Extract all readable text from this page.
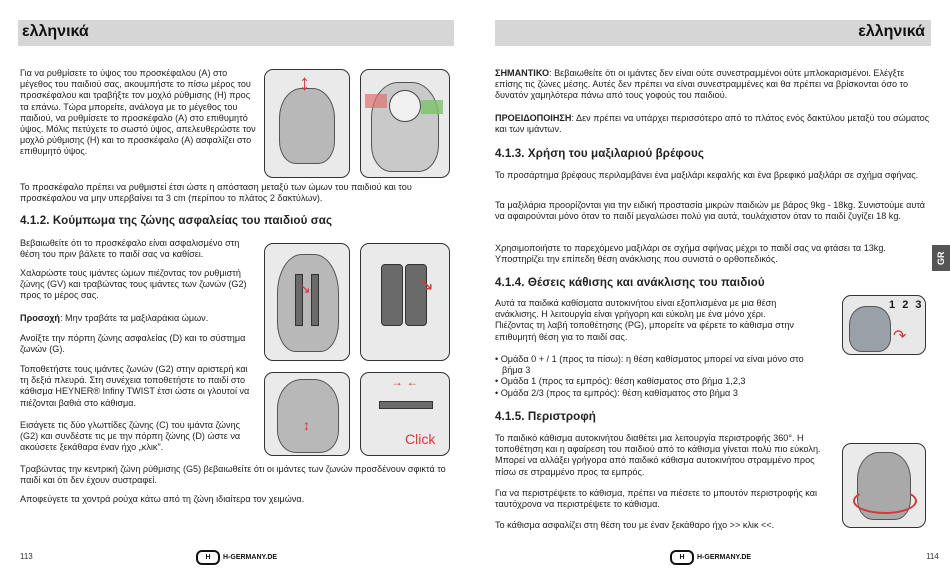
ελληνικά

Για να ρυθμίσετε το ύψος του προσκέφαλου (A) στο μέγεθος του παιδιού σας, ακουμπήστε το πίσω μέρος του προσκέφαλου και τραβήξτε τον μοχλό ρύθμισης (H) προς τα επάνω. Τώρα μπορείτε, ανάλογα με το μέγεθος του παιδιού, να ρυθμίσετε το προσκέφαλο (A) στο επιθυμητό ύψος. Μόλις πετύχετε το σωστό ύψος, απελευθερώστε τον μοχλό ρύθμισης (H) και το προσκέφαλο (A) ασφαλίζει στο επιθυμητό ύψος.

↕

Το προσκέφαλο πρέπει να ρυθμιστεί έτσι ώστε η απόσταση μεταξύ των ώμων του παιδιού και του προσκέφαλου να μην υπερβαίνει τα 3 cm (περίπου το πλάτος 2 δακτύλων).

4.1.2. Κούμπωμα της ζώνης ασφαλείας του παιδιού σας

Βεβαιωθείτε ότι το προσκέφαλο είναι ασφαλισμένο στη θέση του πριν βάλετε το παιδί σας να καθίσει.

Χαλαρώστε τους ιμάντες ώμων πιέζοντας τον ρυθμιστή ζώνης (GV) και τραβώντας τους ιμάντες των ζωνών (G2) προς το μέρος σας.

Προσοχή: Μην τραβάτε τα μαξιλαράκια ώμων.

Ανοίξτε την πόρπη ζώνης ασφαλείας (D) και το σύστημα ζωνών (G).

Τοποθετήστε τους ιμάντες ζωνών (G2) στην αριστερή και τη δεξιά πλευρά. Στη συνέχεια τοποθετήστε το παιδί στο κάθισμα HEYNER® Infiny TWIST έτσι ώστε οι γλουτοί να πιέζονται βαθιά στο κάθισμα.

Εισάγετε τις δύο γλωττίδες ζώνης (C) του ιμάντα ζώνης (G2) και συνδέστε τις με την πόρπη ζώνης (D) ώστε να ακούσετε ξεκάθαρα έναν ήχο „κλικ".

Τραβώντας την κεντρική ζώνη ρύθμισης (G5) βεβαιωθείτε ότι οι ιμάντες των ζωνών προσδένουν σφικτά το παιδί και ότι δεν έχουν συστραφεί.

Αποφεύγετε τα χοντρά ρούχα κάτω από τη ζώνη ιδιαίτερα τον χειμώνα.

↘	↘
↕
→ ←
Click
113	H	H-GERMANY.DE
ελληνικά

ΣΗΜΑΝΤΙΚΟ: Βεβαιωθείτε ότι οι ιμάντες δεν είναι ούτε συνεστραμμένοι ούτε μπλοκαρισμένοι. Ελέγξτε επίσης τις ζώνες μέσης. Αυτές δεν πρέπει να είναι συνεστραμμένες και θα πρέπει να βρίσκονται όσο το δυνατόν χαμηλότερα πάνω από τους γοφούς του παιδιού.

ΠΡΟΕΙΔΟΠΟΙΗΣΗ: Δεν πρέπει να υπάρχει περισσότερο από το πλάτος ενός δακτύλου μεταξύ του σώματος και των ιμάντων.

4.1.3. Χρήση του μαξιλαριού βρέφους

Το προσάρτημα βρέφους περιλαμβάνει ένα μαξιλάρι κεφαλής και ένα βρεφικό μαξιλάρι σε σχήμα σφήνας.

Τα μαξιλάρια προορίζονται για την ειδική προστασία μικρών παιδιών με βάρος 9kg - 18kg. Συνιστούμε αυτά να αφαιρούνται μόνο όταν το παιδί μεγαλώσει πολύ για αυτά, τουλάχιστον όταν το παιδί ζυγίζει 18 kg.

Χρησιμοποιήστε το παρεχόμενο μαξιλάρι σε σχήμα σφήνας μέχρι το παιδί σας να φτάσει τα 13kg. Υποστηρίζει την επίπεδη θέση ανάκλισης που συνιστά ο ορθοπεδικός.

4.1.4. Θέσεις κάθισης και ανάκλισης του παιδιού

Αυτά τα παιδικά καθίσματα αυτοκινήτου είναι εξοπλισμένα με μια θέση ανάκλισης. Η λειτουργία είναι γρήγορη και εύκολη με ένα μόνο χέρι. Πιέζοντας τη λαβή τοποθέτησης (PG), μπορείτε να φέρετε το κάθισμα στην επιθυμητή θέση για το παιδί σας.

• Ομάδα 0 + / 1 (προς τα πίσω): η θέση καθίσματος μπορεί να είναι μόνο στο βήμα 3
• Ομάδα 1 (προς τα εμπρός): θέση καθίσματος στο βήμα 1,2,3
• Ομάδα 2/3 (προς τα εμπρός): θέση καθίσματος στο βήμα 3
1 2 3
↷
4.1.5. Περιστροφή

Το παιδικό κάθισμα αυτοκινήτου διαθέτει μια λειτουργία περιστροφής 360°. Η τοποθέτηση και η αφαίρεση του παιδιού από το κάθισμα γίνεται πολύ πιο εύκολη. Μπορεί να αλλάξει γρήγορα από παιδικό κάθισμα αυτοκινήτου στραμμένο προς πίσω σε στραμμένο προς τα εμπρός.

Για να περιστρέψετε το κάθισμα, πρέπει να πιέσετε το μπουτόν περιστροφής και ταυτόχρονα να περιστρέψετε το κάθισμα.

Το κάθισμα ασφαλίζει στη θέση του με έναν ξεκάθαρο ήχο >> κλικ <<.

114
H	H-GERMANY.DE
GR
